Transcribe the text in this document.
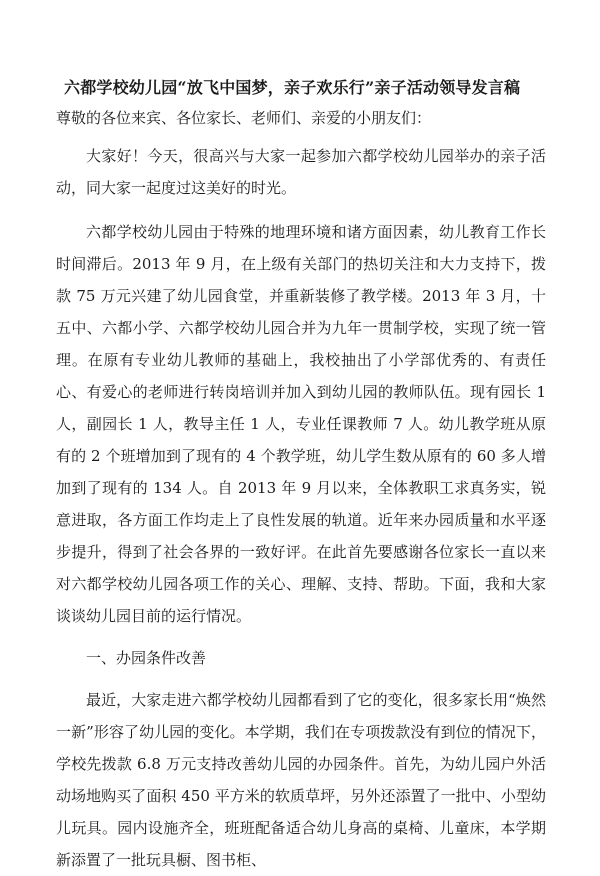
六都学校幼儿园“放飞中国梦，亲子欢乐行”亲子活动领导发言稿

尊敬的各位来宾、各位家长、老师们、亲爱的小朋友们：

大家好！今天，很高兴与大家一起参加六都学校幼儿园举办的亲子活动，同大家一起度过这美好的时光。

六都学校幼儿园由于特殊的地理环境和诸方面因素，幼儿教育工作长时间滞后。2013 年 9 月，在上级有关部门的热切关注和大力支持下，拨款 75 万元兴建了幼儿园食堂，并重新装修了教学楼。2013 年 3 月，十五中、六都小学、六都学校幼儿园合并为九年一贯制学校，实现了统一管理。在原有专业幼儿教师的基础上，我校抽出了小学部优秀的、有责任心、有爱心的老师进行转岗培训并加入到幼儿园的教师队伍。现有园长 1 人，副园长 1 人，教导主任 1 人，专业任课教师 7 人。幼儿教学班从原有的 2 个班增加到了现有的 4 个教学班，幼儿学生数从原有的 60 多人增加到了现有的 134 人。自 2013 年 9 月以来，全体教职工求真务实，锐意进取，各方面工作均走上了良性发展的轨道。近年来办园质量和水平逐步提升，得到了社会各界的一致好评。在此首先要感谢各位家长一直以来对六都学校幼儿园各项工作的关心、理解、支持、帮助。下面，我和大家谈谈幼儿园目前的运行情况。

一、办园条件改善

最近，大家走进六都学校幼儿园都看到了它的变化，很多家长用“焕然一新”形容了幼儿园的变化。本学期，我们在专项拨款没有到位的情况下，学校先拨款 6.8 万元支持改善幼儿园的办园条件。首先，为幼儿园户外活动场地购买了面积 450 平方米的软质草坪，另外还添置了一批中、小型幼儿玩具。园内设施齐全，班班配备适合幼儿身高的桌椅、儿童床，本学期新添置了一批玩具橱、图书柜、
